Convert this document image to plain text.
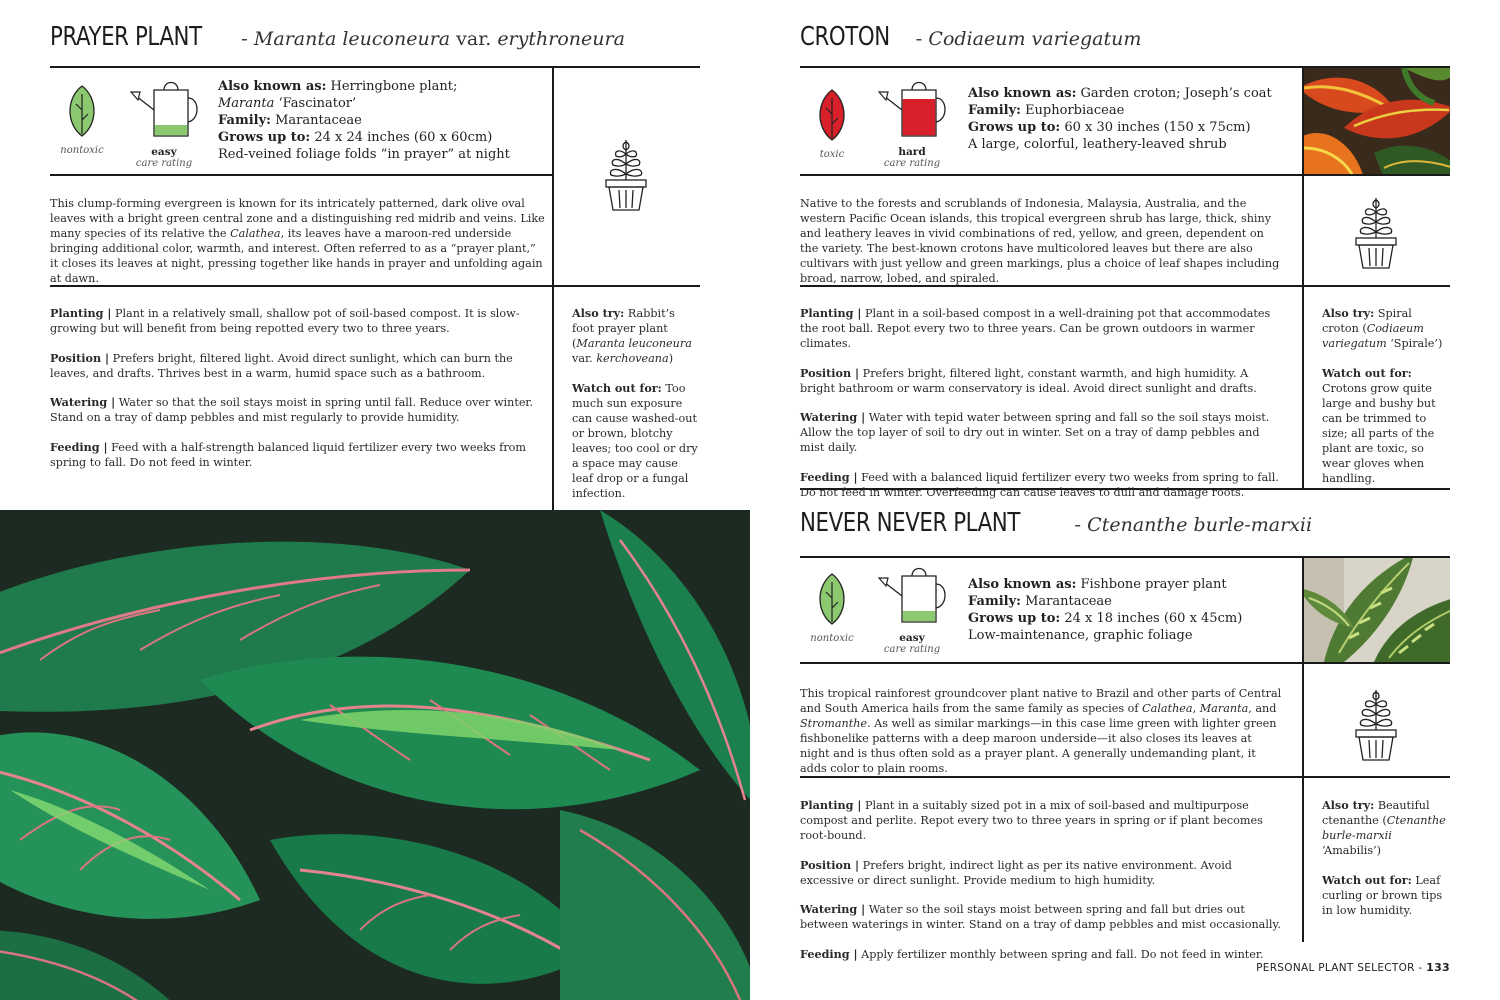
PRAYER PLANT - Maranta leuconeura var. erythroneura
nontoxic	easy
care rating
Also known as: Herringbone plant;
Maranta ‘Fascinator’
Family: Marantaceae
Grows up to: 24 x 24 inches (60 x 60cm)
Red-veined foliage folds “in prayer” at night
This clump-forming evergreen is known for its intricately patterned, dark olive oval leaves with a bright green central zone and a distinguishing red midrib and veins. Like many species of its relative the Calathea, its leaves have a maroon-red underside bringing additional color, warmth, and interest. Often referred to as a “prayer plant,” it closes its leaves at night, pressing together like hands in prayer and unfolding again at dawn.

Planting | Plant in a relatively small, shallow pot of soil-based compost. It is slow-growing but will benefit from being repotted every two to three years.

Position | Prefers bright, filtered light. Avoid direct sunlight, which can burn the leaves, and drafts. Thrives best in a warm, humid space such as a bathroom.

Watering | Water so that the soil stays moist in spring until fall. Reduce over winter. Stand on a tray of damp pebbles and mist regularly to provide humidity.

Feeding | Feed with a half-strength balanced liquid fertilizer every two weeks from spring to fall. Do not feed in winter.

Also try: Rabbit’s foot prayer plant (Maranta leuconeura var. kerchoveana)

Watch out for: Too much sun exposure can cause washed-out or brown, blotchy leaves; too cool or dry a space may cause leaf drop or a fungal infection.

CROTON - Codiaeum variegatum
toxic	hard
care rating
Also known as: Garden croton; Joseph’s coat
Family: Euphorbiaceae
Grows up to: 60 x 30 inches (150 x 75cm)
A large, colorful, leathery-leaved shrub
Native to the forests and scrublands of Indonesia, Malaysia, Australia, and the western Pacific Ocean islands, this tropical evergreen shrub has large, thick, shiny and leathery leaves in vivid combinations of red, yellow, and green, dependent on the variety. The best-known crotons have multicolored leaves but there are also cultivars with just yellow and green markings, plus a choice of leaf shapes including broad, narrow, lobed, and spiraled.

Planting | Plant in a soil-based compost in a well-draining pot that accommodates the root ball. Repot every two to three years. Can be grown outdoors in warmer climates.

Position | Prefers bright, filtered light, constant warmth, and high humidity. A bright bathroom or warm conservatory is ideal. Avoid direct sunlight and drafts.

Watering | Water with tepid water between spring and fall so the soil stays moist. Allow the top layer of soil to dry out in winter. Set on a tray of damp pebbles and mist daily.

Feeding | Feed with a balanced liquid fertilizer every two weeks from spring to fall. Do not feed in winter. Overfeeding can cause leaves to dull and damage roots.

Also try: Spiral croton (Codiaeum variegatum ‘Spirale’)

Watch out for: Crotons grow quite large and bushy but can be trimmed to size; all parts of the plant are toxic, so wear gloves when handling.

NEVER NEVER PLANT	- Ctenanthe burle-marxii
nontoxic	easy
care rating
Also known as: Fishbone prayer plant
Family: Marantaceae
Grows up to: 24 x 18 inches (60 x 45cm)
Low-maintenance, graphic foliage
This tropical rainforest groundcover plant native to Brazil and other parts of Central and South America hails from the same family as species of Calathea, Maranta, and Stromanthe. As well as similar markings—in this case lime green with lighter green fishbonelike patterns with a deep maroon underside—it also closes its leaves at night and is thus often sold as a prayer plant. A generally undemanding plant, it adds color to plain rooms.

Planting | Plant in a suitably sized pot in a mix of soil-based and multipurpose compost and perlite. Repot every two to three years in spring or if plant becomes root-bound.

Position | Prefers bright, indirect light as per its native environment. Avoid excessive or direct sunlight. Provide medium to high humidity.

Watering | Water so the soil stays moist between spring and fall but dries out between waterings in winter. Stand on a tray of damp pebbles and mist occasionally.

Feeding | Apply fertilizer monthly between spring and fall. Do not feed in winter.

Also try: Beautiful ctenanthe (Ctenanthe burle-marxii ‘Amabilis’)

Watch out for: Leaf curling or brown tips in low humidity.

PERSONAL PLANT SELECTOR - 133
